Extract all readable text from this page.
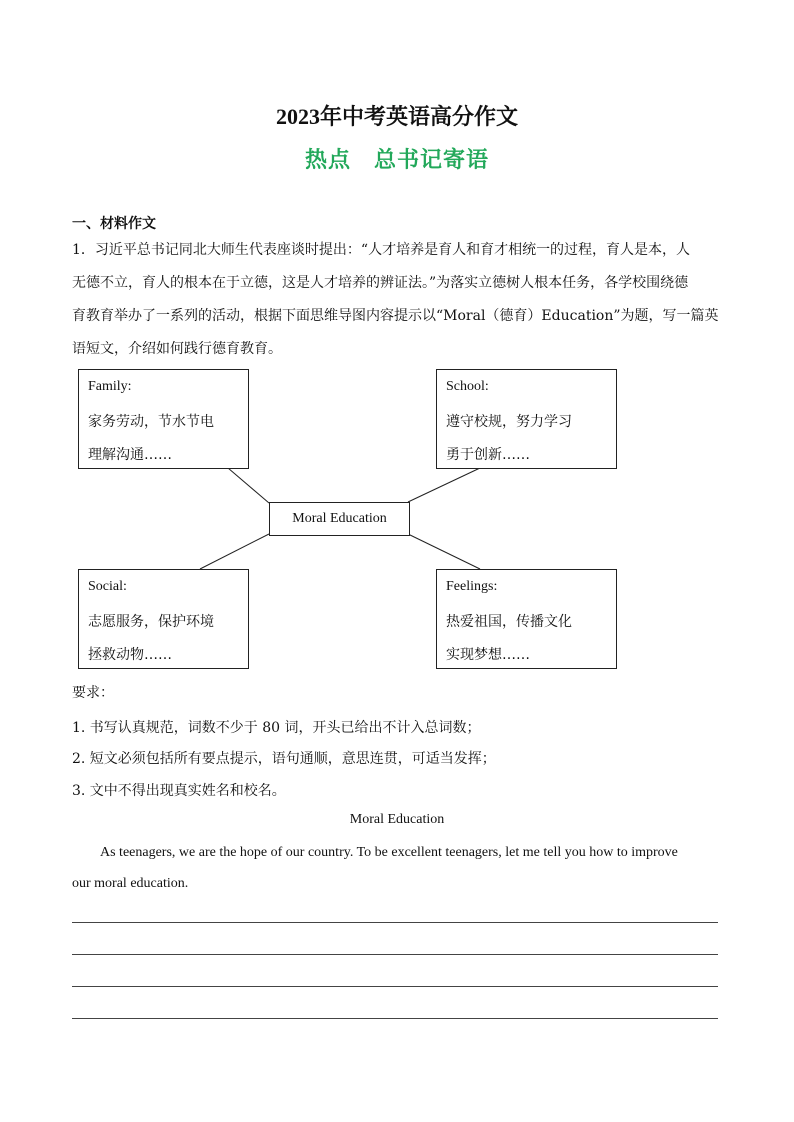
2023年中考英语高分作文
热点　总书记寄语
一、材料作文
1．习近平总书记同北大师生代表座谈时提出：“人才培养是育人和育才相统一的过程，育人是本，人
无德不立，育人的根本在于立德，这是人才培养的辨证法。”为落实立德树人根本任务，各学校围绕德
育教育举办了一系列的活动，根据下面思维导图内容提示以“Moral（德育）Education”为题，写一篇英
语短文，介绍如何践行德育教育。
Family:
家务劳动，节水节电
理解沟通……
School:
遵守校规，努力学习
勇于创新……
Moral Education
Social:
志愿服务，保护环境
拯救动物……
Feelings:
热爱祖国，传播文化
实现梦想……
要求：
1. 书写认真规范，词数不少于 80 词，开头已给出不计入总词数；
2. 短文必须包括所有要点提示，语句通顺，意思连贯，可适当发挥；
3. 文中不得出现真实姓名和校名。
Moral Education
As teenagers, we are the hope of our country. To be excellent teenagers, let me tell you how to improve
our moral education.
